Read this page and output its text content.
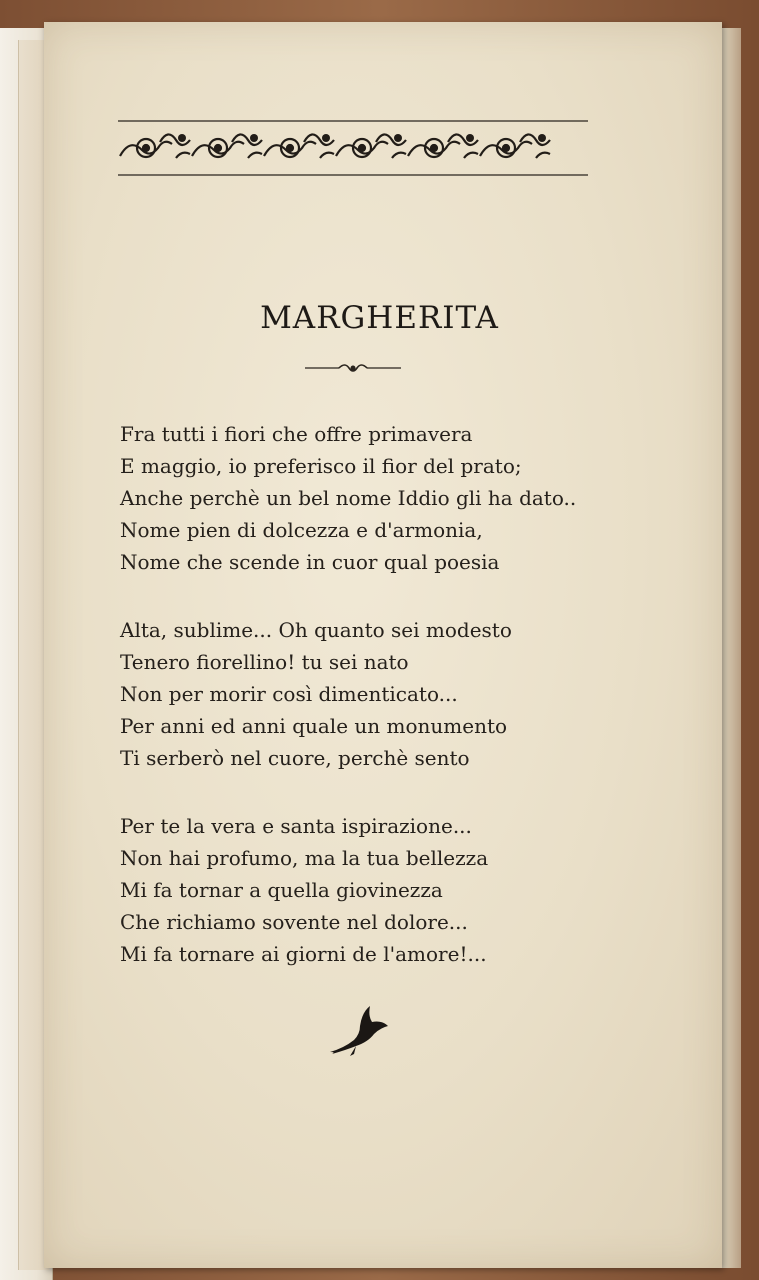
MARGHERITA
Fra tutti i fiori che offre primavera
E maggio, io preferisco il fior del prato;
Anche perchè un bel nome Iddio gli ha dato..
Nome pien di dolcezza e d'armonia,
Nome che scende in cuor qual poesia
Alta, sublime... Oh quanto sei modesto
Tenero fiorellino! tu sei nato
Non per morir così dimenticato...
Per anni ed anni quale un monumento
Ti serberò nel cuore, perchè sento
Per te la vera e santa ispirazione...
Non hai profumo, ma la tua bellezza
Mi fa tornar a quella giovinezza
Che richiamo sovente nel dolore...
Mi fa tornare ai giorni de l'amore!...
